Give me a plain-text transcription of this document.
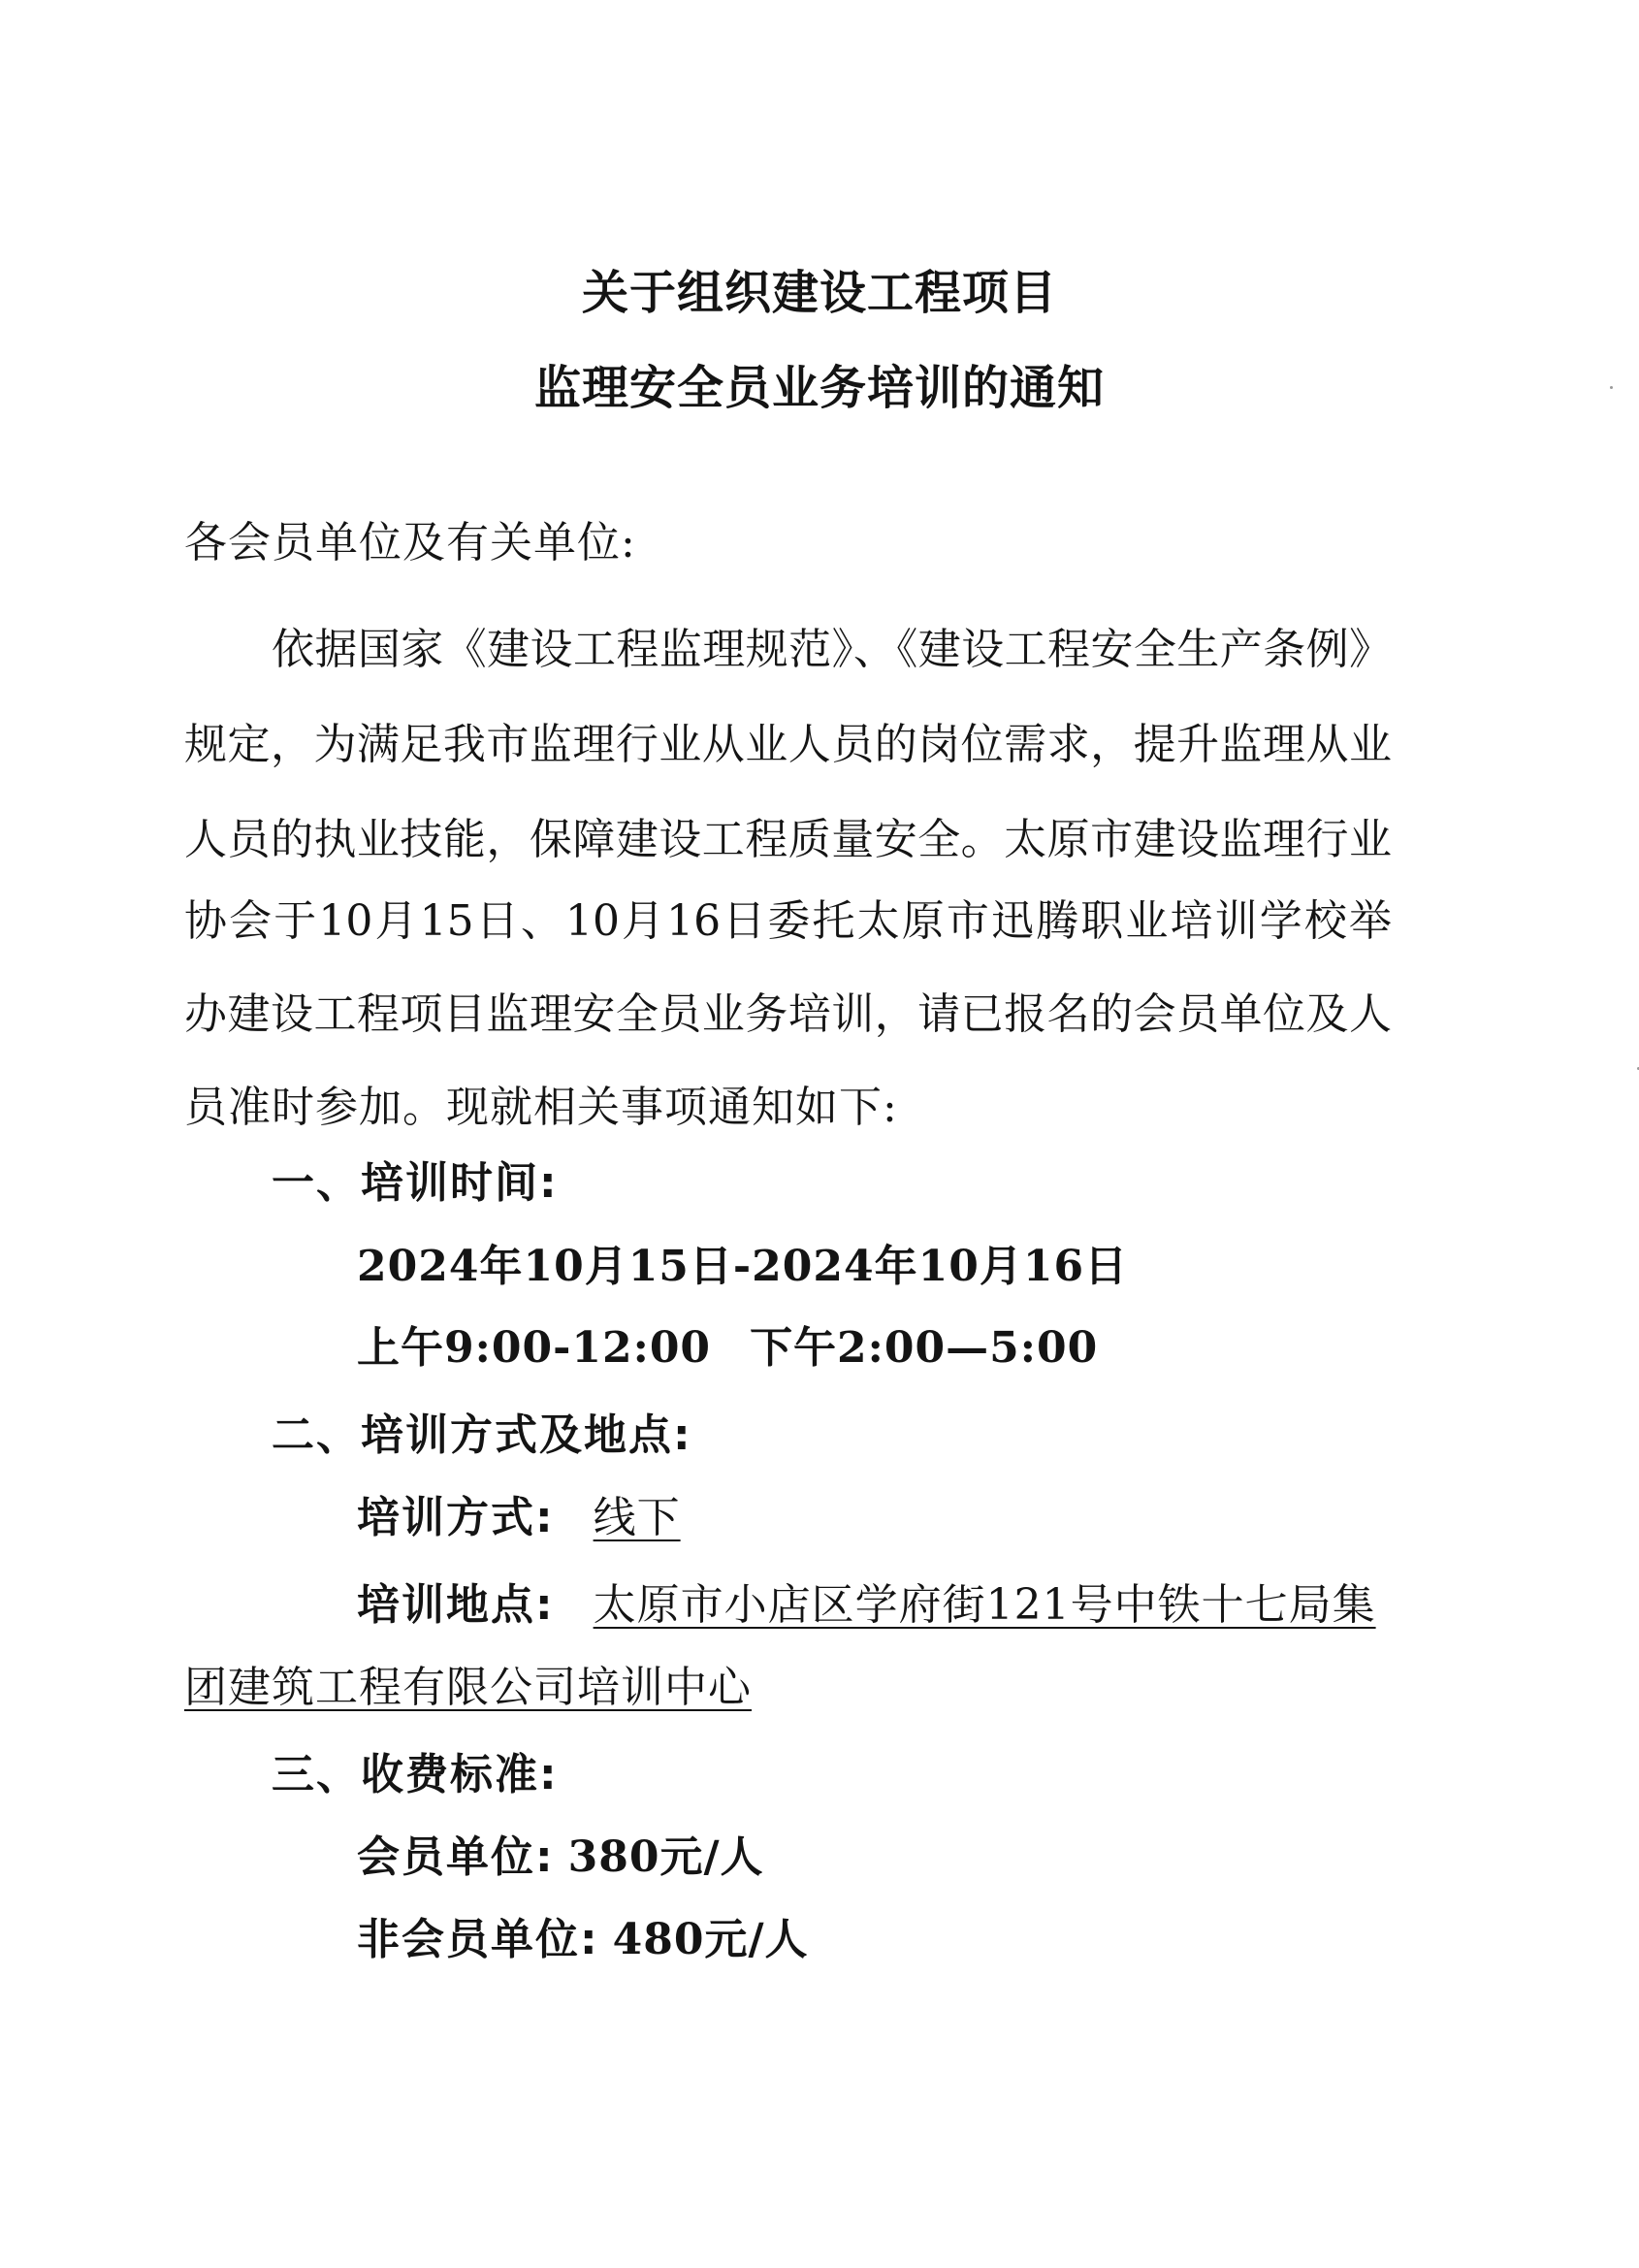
关于组织建设工程项目
监理安全员业务培训的通知
各会员单位及有关单位:
依据国家《建设工程监理规范》、《建设工程安全生产条例》
规定，为满足我市监理行业从业人员的岗位需求，提升监理从业
人员的执业技能，保障建设工程质量安全。太原市建设监理行业
协会于10月15日、10月16日委托太原市迅腾职业培训学校举
办建设工程项目监理安全员业务培训，请已报名的会员单位及人
员准时参加。现就相关事项通知如下:
一、培训时间:
2024年10月15日-2024年10月16日
上午9:00-12:00 下午2:00—5:00
二、培训方式及地点:
培训方式: 线下
培训地点: 太原市小店区学府街121号中铁十七局集
团建筑工程有限公司培训中心
三、收费标准:
会员单位: 380元/人
非会员单位: 480元/人
